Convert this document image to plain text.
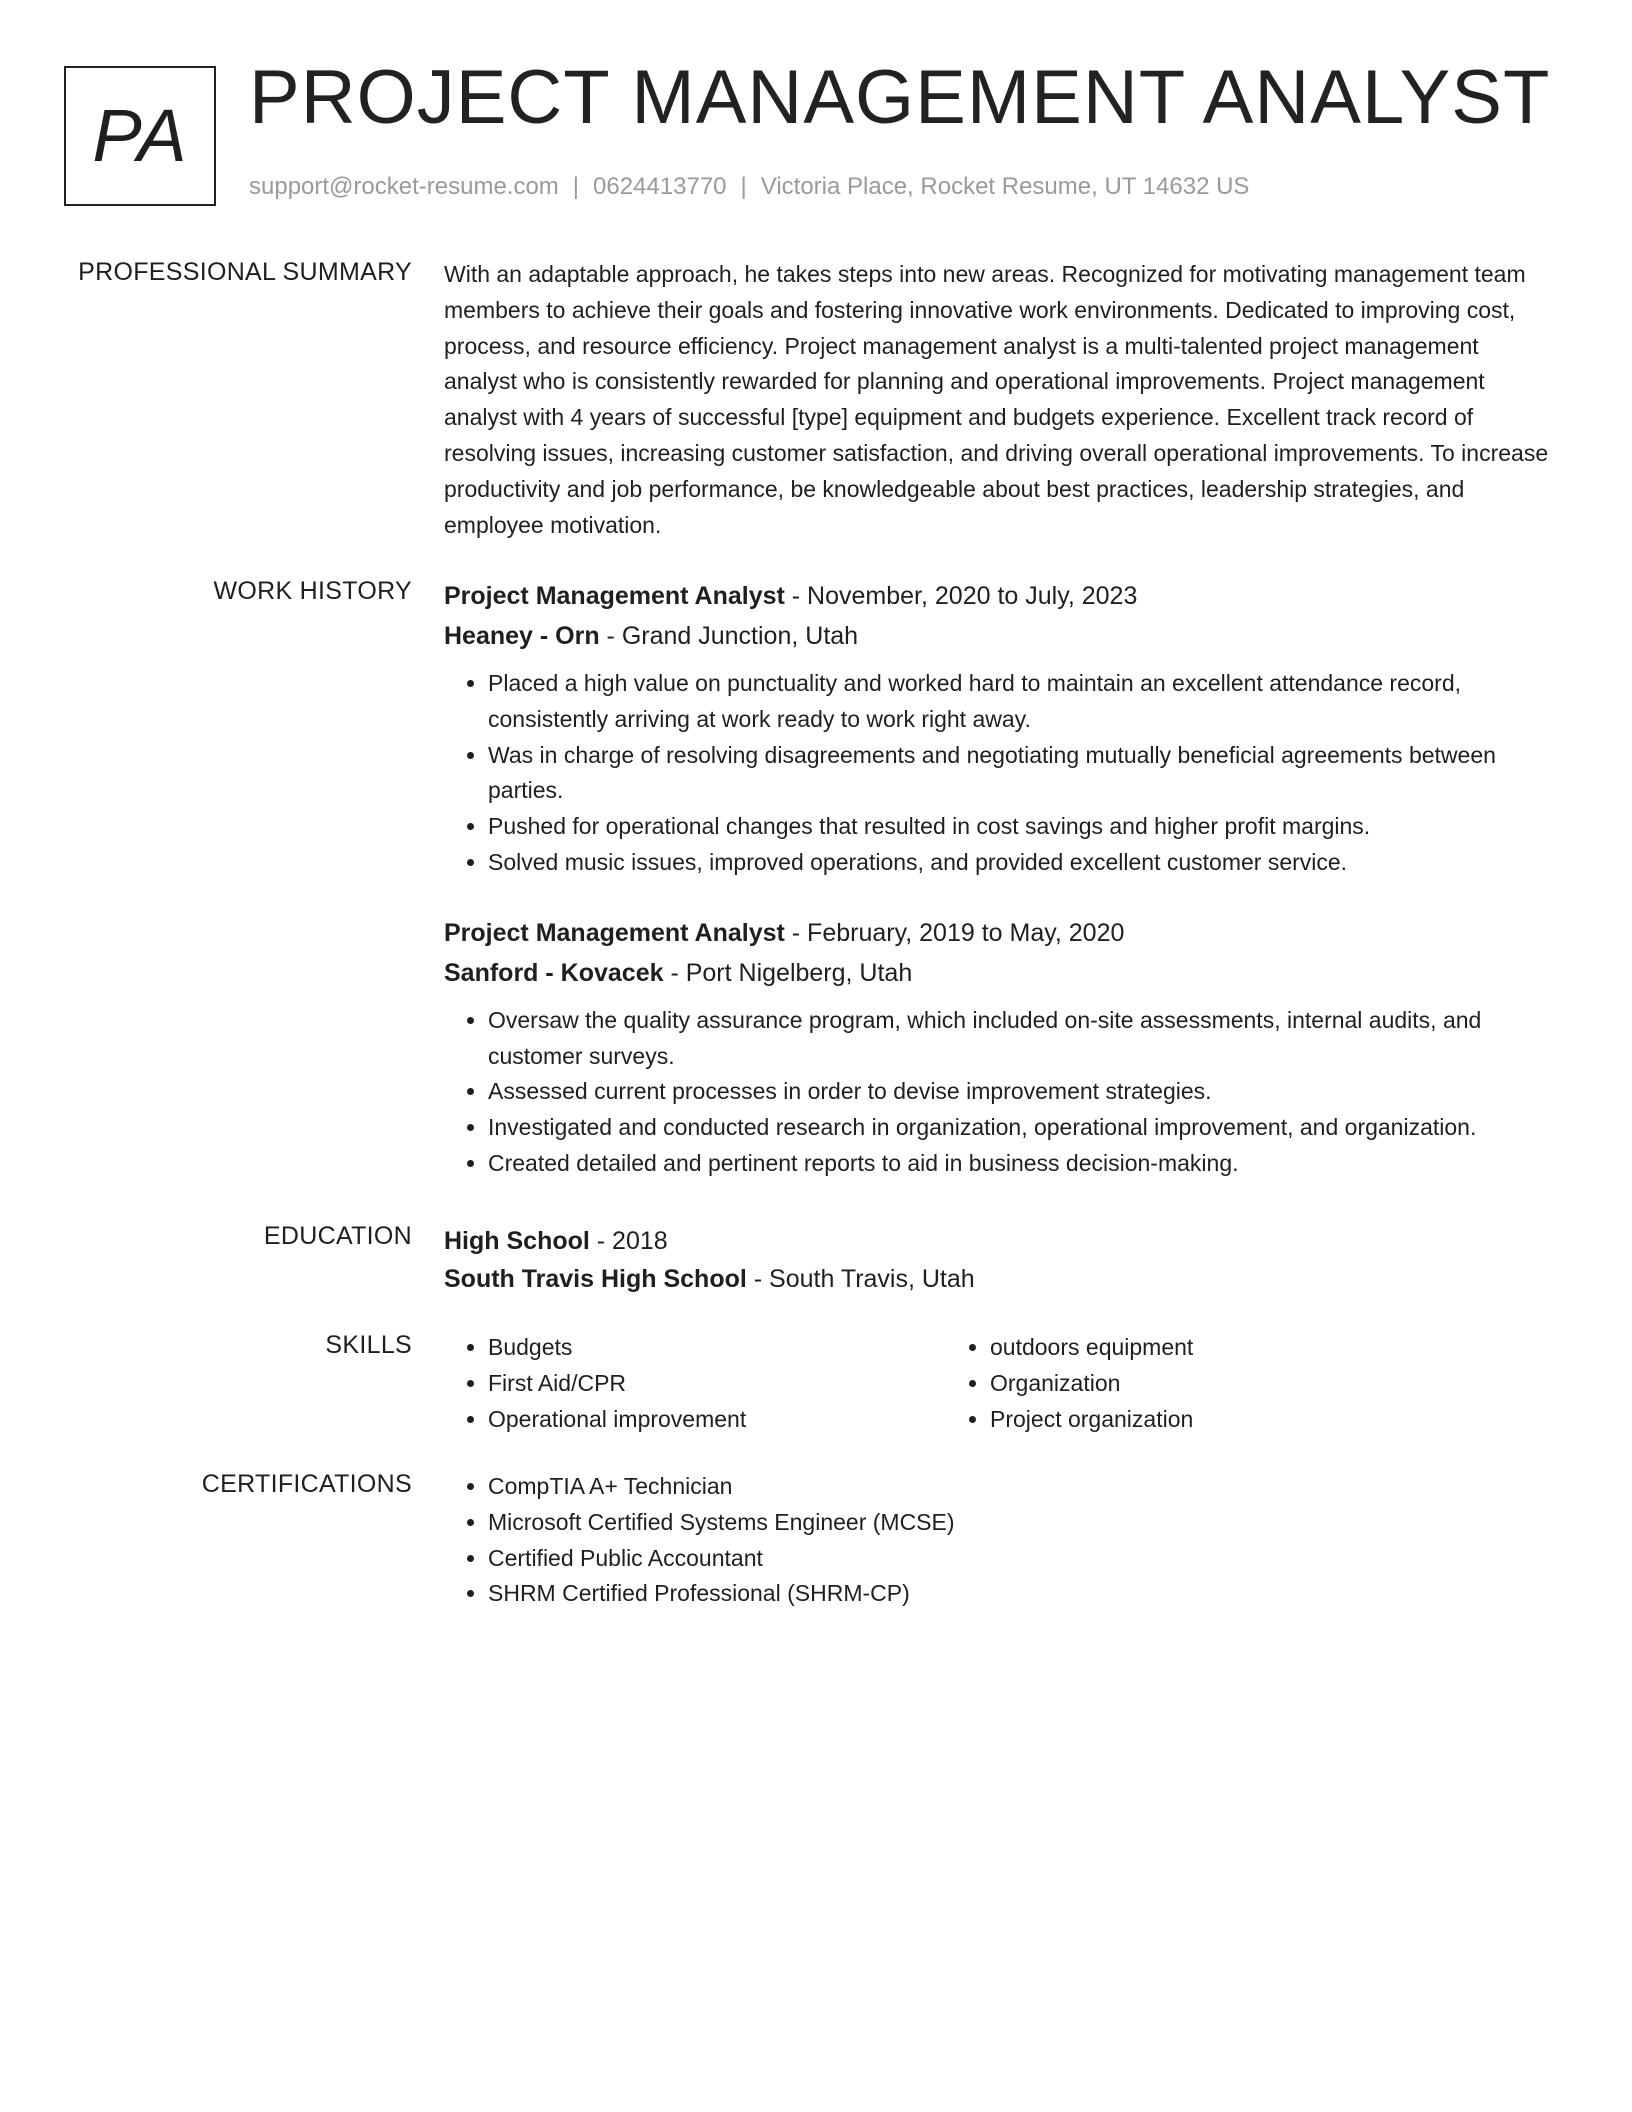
PA PROJECT MANAGEMENT ANALYST
support@rocket-resume.com | 0624413770 | Victoria Place, Rocket Resume, UT 14632 US
PROFESSIONAL SUMMARY With an adaptable approach, he takes steps into new areas. Recognized for motivating management team members to achieve their goals and fostering innovative work environments. Dedicated to improving cost, process, and resource efficiency. Project management analyst is a multi-talented project management analyst who is consistently rewarded for planning and operational improvements. Project management analyst with 4 years of successful [type] equipment and budgets experience. Excellent track record of resolving issues, increasing customer satisfaction, and driving overall operational improvements. To increase productivity and job performance, be knowledgeable about best practices, leadership strategies, and employee motivation.

WORK HISTORY Project Management Analyst - November, 2020 to July, 2023
Heaney - Orn - Grand Junction, Utah
• Placed a high value on punctuality and worked hard to maintain an excellent attendance record, consistently arriving at work ready to work right away.
• Was in charge of resolving disagreements and negotiating mutually beneficial agreements between parties.
• Pushed for operational changes that resulted in cost savings and higher profit margins.
• Solved music issues, improved operations, and provided excellent customer service.
Project Management Analyst - February, 2019 to May, 2020
Sanford - Kovacek - Port Nigelberg, Utah
• Oversaw the quality assurance program, which included on-site assessments, internal audits, and customer surveys.
• Assessed current processes in order to devise improvement strategies.
• Investigated and conducted research in organization, operational improvement, and organization.
• Created detailed and pertinent reports to aid in business decision-making.
EDUCATION High School - 2018
South Travis High School - South Travis, Utah
SKILLS	• Budgets
• First Aid/CPR
• Operational improvement
• outdoors equipment
• Organization
• Project organization
CERTIFICATIONS	• CompTIA A+ Technician
• Microsoft Certified Systems Engineer (MCSE)
• Certified Public Accountant
• SHRM Certified Professional (SHRM-CP)
